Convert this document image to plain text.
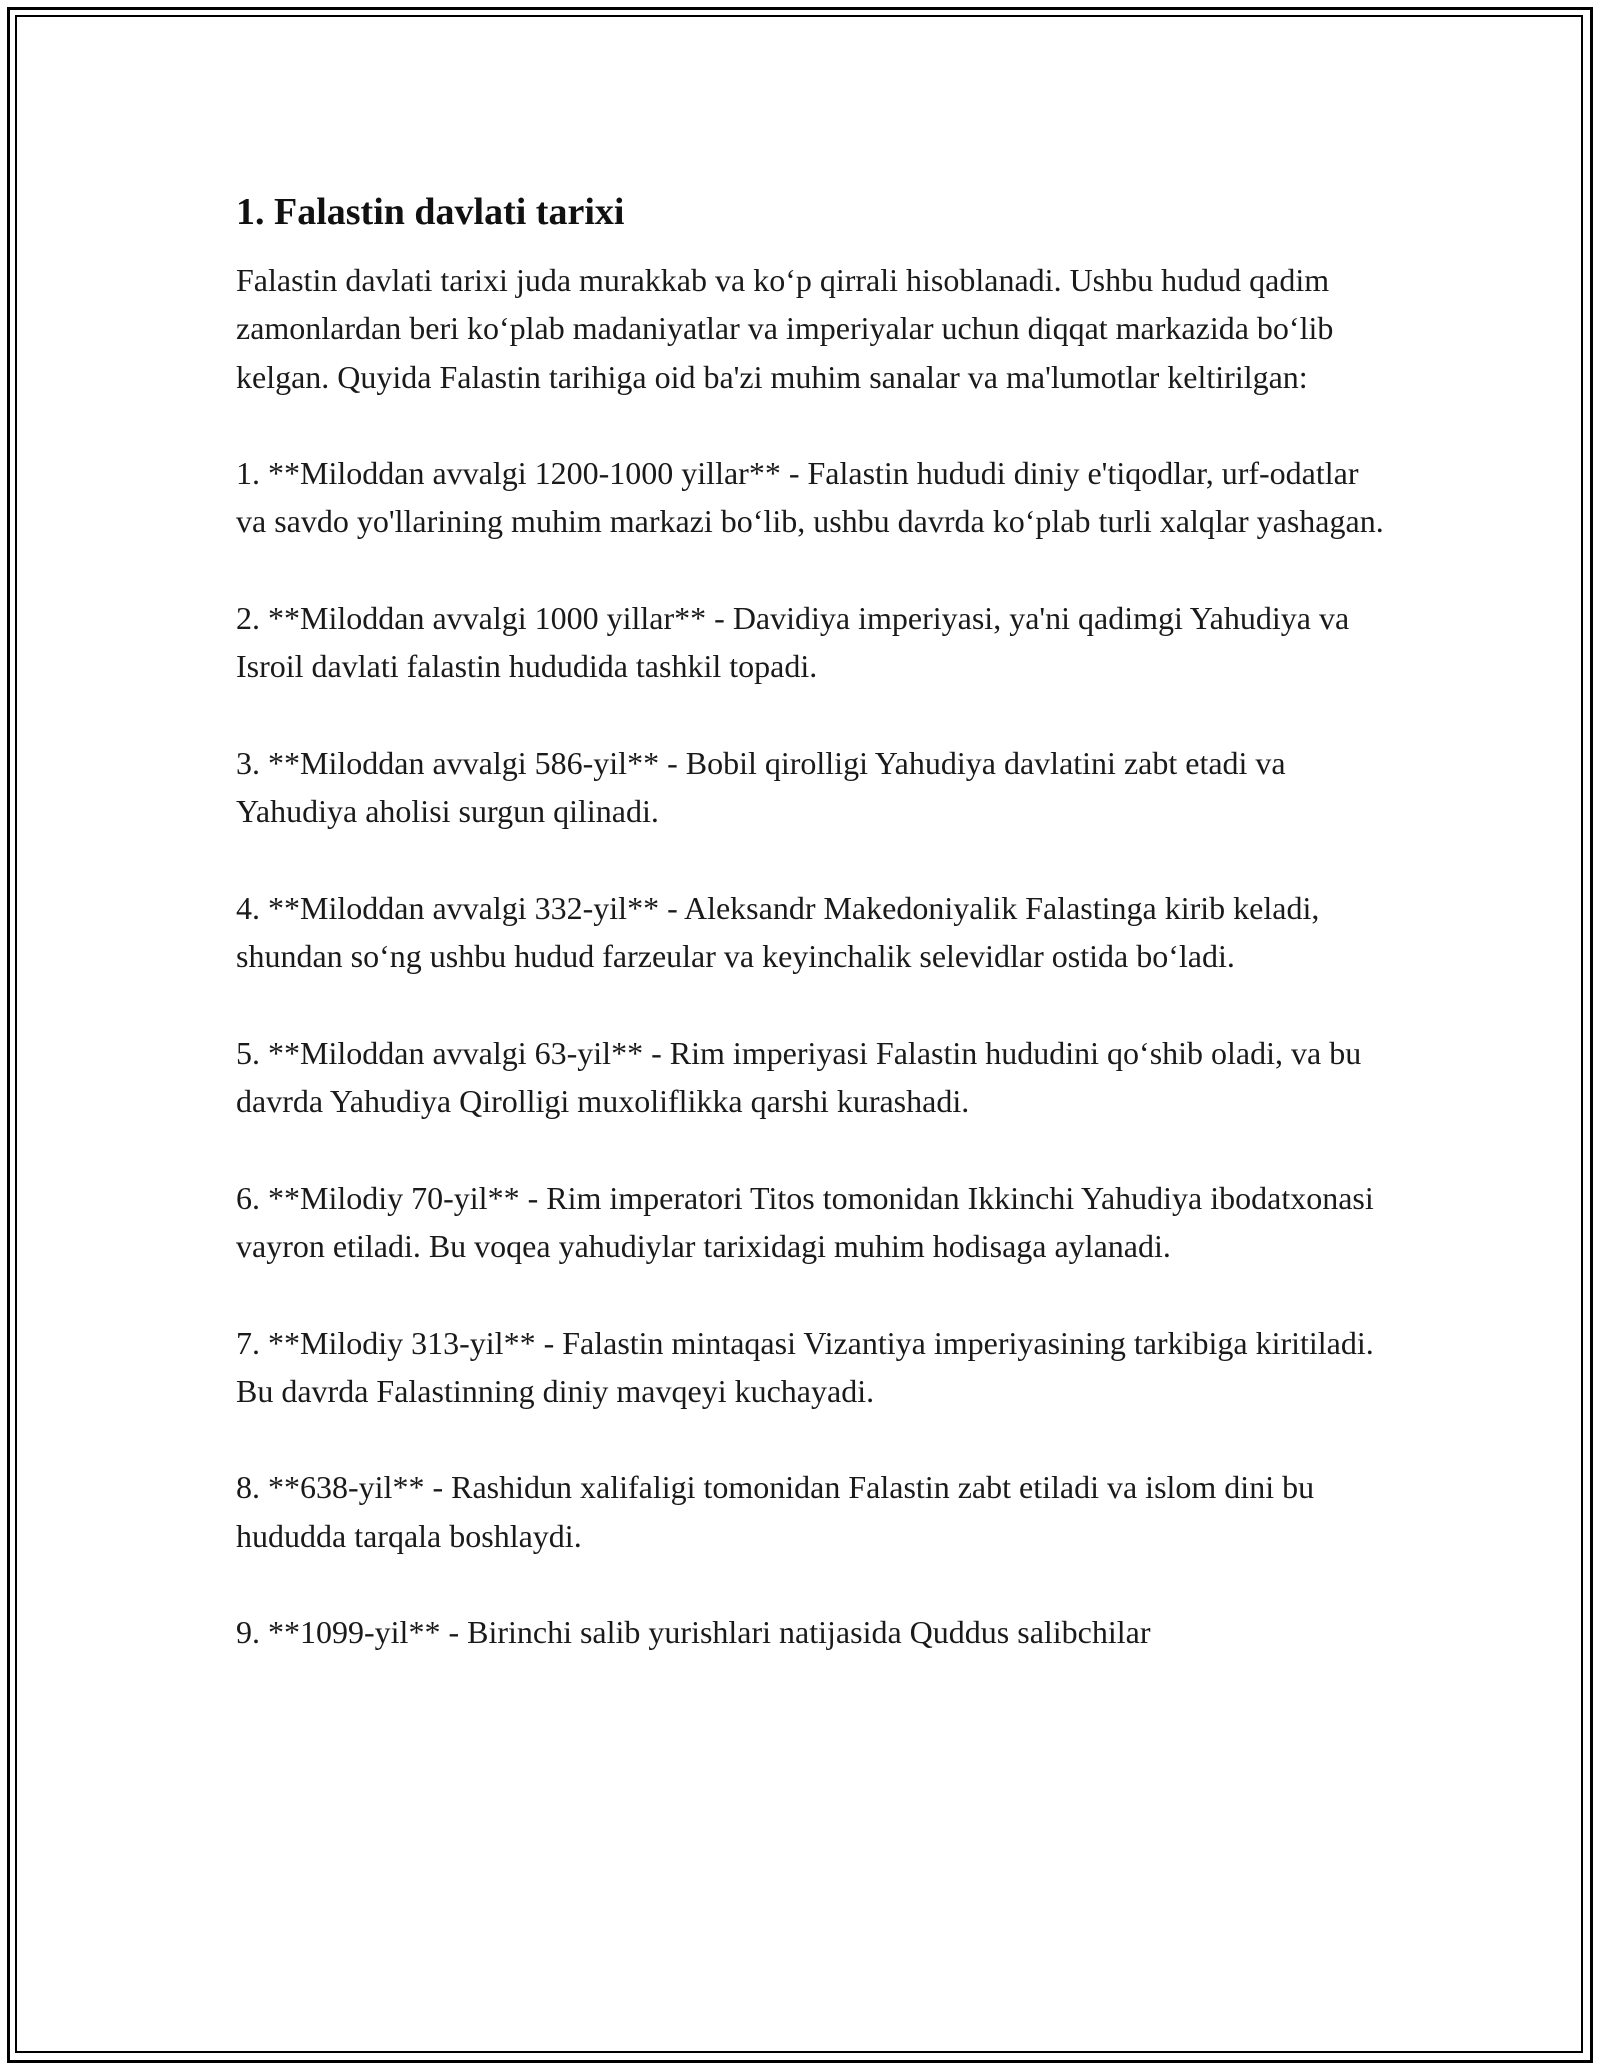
1. Falastin davlati tarixi

Falastin davlati tarixi juda murakkab va ko‘p qirrali hisoblanadi. Ushbu hudud qadim zamonlardan beri ko‘plab madaniyatlar va imperiyalar uchun diqqat markazida bo‘lib kelgan. Quyida Falastin tarihiga oid ba'zi muhim sanalar va ma'lumotlar keltirilgan:

1. **Miloddan avvalgi 1200-1000 yillar** - Falastin hududi diniy e'tiqodlar, urf-odatlar va savdo yo'llarining muhim markazi bo‘lib, ushbu davrda ko‘plab turli xalqlar yashagan.

2. **Miloddan avvalgi 1000 yillar** - Davidiya imperiyasi, ya'ni qadimgi Yahudiya va Isroil davlati falastin hududida tashkil topadi.

3. **Miloddan avvalgi 586-yil** - Bobil qirolligi Yahudiya davlatini zabt etadi va Yahudiya aholisi surgun qilinadi.

4. **Miloddan avvalgi 332-yil** - Aleksandr Makedoniyalik Falastinga kirib keladi, shundan so‘ng ushbu hudud farzeular va keyinchalik selevidlar ostida bo‘ladi.

5. **Miloddan avvalgi 63-yil** - Rim imperiyasi Falastin hududini qo‘shib oladi, va bu davrda Yahudiya Qirolligi muxoliflikka qarshi kurashadi.

6. **Milodiy 70-yil** - Rim imperatori Titos tomonidan Ikkinchi Yahudiya ibodatxonasi vayron etiladi. Bu voqea yahudiylar tarixidagi muhim hodisaga aylanadi.

7. **Milodiy 313-yil** - Falastin mintaqasi Vizantiya imperiyasining tarkibiga kiritiladi. Bu davrda Falastinning diniy mavqeyi kuchayadi.

8. **638-yil** - Rashidun xalifaligi tomonidan Falastin zabt etiladi va islom dini bu hududda tarqala boshlaydi.

9. **1099-yil** - Birinchi salib yurishlari natijasida Quddus salibchilar
